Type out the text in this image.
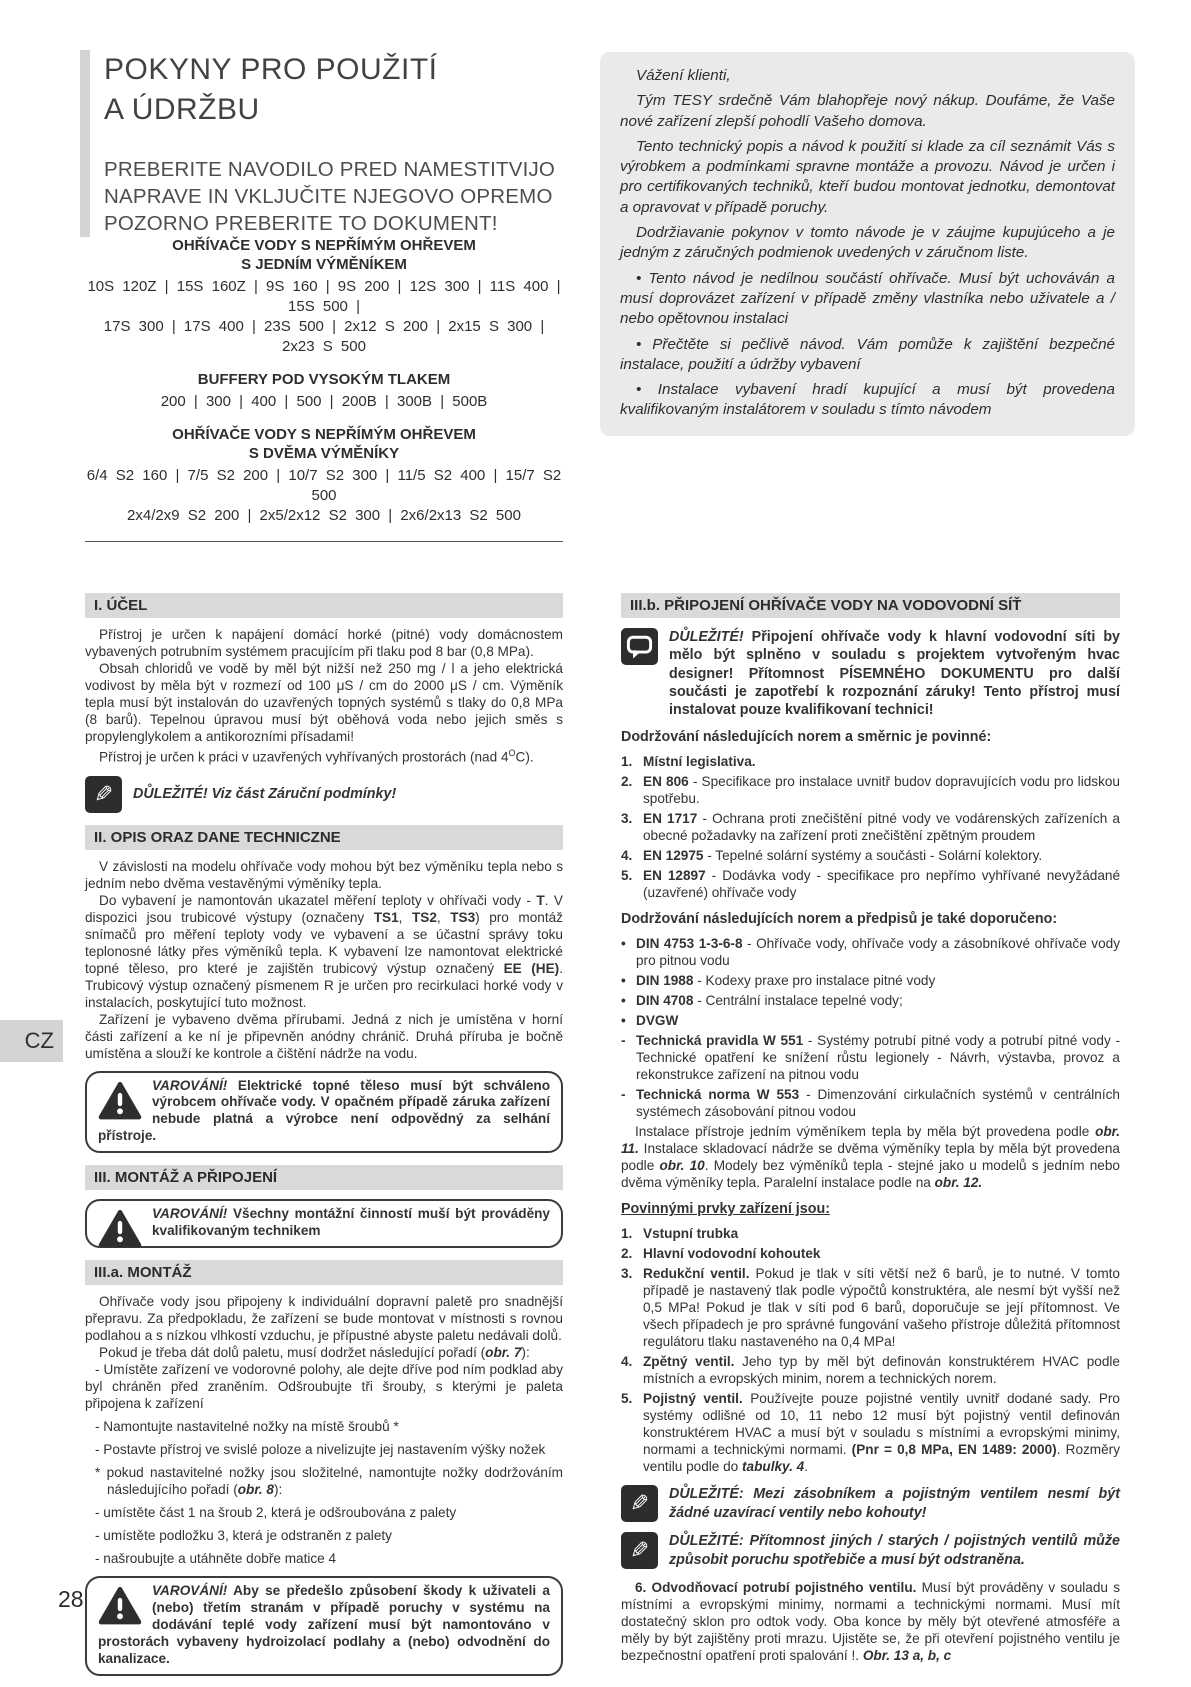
POKYNY PRO POUŽITÍ
A ÚDRŽBU
PREBERITE NAVODILO PRED NAMESTITVIJO
NAPRAVE IN VKLJUČITE NJEGOVO OPREMO
POZORNO PREBERITE TO DOKUMENT!
OHŘÍVAČE VODY S NEPŘÍMÝM OHŘEVEM
S JEDNÍM VÝMĚNÍKEM
10S 120Z | 15S 160Z | 9S 160 | 9S 200 | 12S 300 | 11S 400 | 15S 500 |
17S 300 | 17S 400 | 23S 500 | 2x12 S 200 | 2x15 S 300 | 2x23 S 500
BUFFERY POD VYSOKÝM TLAKEM
200 | 300 | 400 | 500 | 200B | 300B | 500B
OHŘÍVAČE VODY S NEPŘÍMÝM OHŘEVEM
S DVĚMA VÝMĚNÍKY
6/4 S2 160 | 7/5 S2 200 | 10/7 S2 300 | 11/5 S2 400 | 15/7 S2 500
2x4/2x9 S2 200 | 2x5/2x12 S2 300 | 2x6/2x13 S2 500

Vážení klienti,

Tým TESY srdečně Vám blahopřeje nový nákup. Doufáme, že Vaše nové zařízení zlepší pohodlí Vašeho domova.

Tento technický popis a návod k použití si klade za cíl seznámit Vás s výrobkem a podmínkami spravne montáže a provozu. Návod je určen i pro certifikovaných techniků, kteří budou montovat jednotku, demontovat a opravovat v případě poruchy.

Dodržiavanie pokynov v tomto návode je v záujme kupujúceho a je jedným z záručných podmienok uvedených v záručnom liste.

• Tento návod je nedílnou součástí ohřívače. Musí být uchováván a musí doprovázet zařízení v případě změny vlastníka nebo uživatele a / nebo opětovnou instalaci

• Přečtěte si pečlivě návod. Vám pomůže k zajištění bezpečné instalace, použití a údržby vybavení

• Instalace vybavení hradí kupující a musí být provedena kvalifikovaným instalátorem v souladu s tímto návodem

I. ÚČEL

Přístroj je určen k napájení domácí horké (pitné) vody domácnostem vybavených potrubním systémem pracujícím při tlaku pod 8 bar (0,8 MPa).

Obsah chloridů ve vodě by měl být nižší než 250 mg / l a jeho elektrická vodivost by měla být v rozmezí od 100 μS / cm do 2000 μS / cm. Výměník tepla musí být instalován do uzavřených topných systémů s tlaky do 0,8 MPa (8 barů). Tepelnou úpravou musí být oběhová voda nebo jejich směs s propylenglykolem a antikorozními přísadami!

Přístroj je určen k práci v uzavřených vyhřívaných prostorách (nad $4^OC$).

✎ DŮLEŽITÉ! Viz část Záruční podmínky!
II. OPIS ORAZ DANE TECHNICZNE

V závislosti na modelu ohřívače vody mohou být bez výměníku tepla nebo s jedním nebo dvěma vestavěnými výměníky tepla.

Do vybavení je namontován ukazatel měření teploty v ohřívači vody - T. V dispozici jsou trubicové výstupy (označeny TS1, TS2, TS3) pro montáž snímačů pro měření teploty vody ve vybavení a se účastní správy toku teplonosné látky přes výměníků tepla. K vybavení lze namontovat elektrické topné těleso, pro které je zajištěn trubicový výstup označený EE (HE). Trubicový výstup označený písmenem R je určen pro recirkulaci horké vody v instalacích, poskytující tuto možnost.

Zařízení je vybaveno dvěma přírubami. Jedná z nich je umístěna v horní části zařízení a ke ní je připevněn anódny chránič. Druhá příruba je bočně umístěna a slouží ke kontrole a čištění nádrže na vodu.

VAROVÁNÍ! Elektrické topné těleso musí být schváleno výrobcem ohřívače vody. V opačném případě záruka zařízení nebude platná a výrobce není odpovědný za selhání přístroje.
III. MONTÁŽ A PŘIPOJENÍ
VAROVÁNÍ! Všechny montážní činností muší být prováděny kvalifikovaným technikem
III.a. MONTÁŽ

Ohřívače vody jsou připojeny k individuální dopravní paletě pro snadnější přepravu. Za předpokladu, že zařízení se bude montovat v místnosti s rovnou podlahou a s nízkou vlhkostí vzduchu, je přípustné abyste paletu nedávali dolů.

Pokud je třeba dát dolů paletu, musí dodržet následující pořadí (obr. 7):

- Umístěte zařízení ve vodorovné polohy, ale dejte dříve pod ním podklad aby byl chráněn před zraněním. Odšroubujte tři šrouby, s kterými je paleta připojena k zařízení

- Namontujte nastavitelné nožky na místě šroubů *

- Postavte přístroj ve svislé poloze a nivelizujte jej nastavením výšky nožek

* pokud nastavitelné nožky jsou složitelné, namontujte nožky dodržováním následujícího pořadí (obr. 8):

- umístěte část 1 na šroub 2, která je odšroubována z palety

- umístěte podložku 3, která je odstraněn z palety

- našroubujte a utáhněte dobře matice 4

VAROVÁNÍ! Aby se předešlo způsobení škody k uživateli a (nebo) třetím stranám v případě poruchy v systému na dodávání teplé vody zařízení musí být namontováno v prostorách vybaveny hydroizolací podlahy a (nebo) odvodnění do kanalizace.
III.b. PŘIPOJENÍ OHŘÍVAČE VODY NA VODOVODNÍ SÍŤ
DŮLEŽITÉ! Připojení ohřívače vody k hlavní vodovodní síti by mělo být splněno v souladu s projektem vytvořeným hvac designer! Přítomnost PÍSEMNÉHO DOKUMENTU pro další součásti je zapotřebí k rozpoznání záruky! Tento přístroj musí instalovat pouze kvalifikovaní technici!
Dodržování následujících norem a směrnic je povinné:
1. Místní legislativa.
2. EN 806 - Specifikace pro instalace uvnitř budov dopravujících vodu pro lidskou spotřebu.
3. EN 1717 - Ochrana proti znečištění pitné vody ve vodárenských zařízeních a obecné požadavky na zařízení proti znečištění zpětným proudem
4. EN 12975 - Tepelné solární systémy a součásti - Solární kolektory.
5. EN 12897 - Dodávka vody - specifikace pro nepřímo vyhřívané nevyžádané (uzavřené) ohřívače vody
Dodržování následujících norem a předpisů je také doporučeno:
• DIN 4753 1-3-6-8 - Ohřívače vody, ohřívače vody a zásobníkové ohřívače vody pro pitnou vodu
• DIN 1988 - Kodexy praxe pro instalace pitné vody
• DIN 4708 - Centrální instalace tepelné vody;
• DVGW
- Technická pravidla W 551 - Systémy potrubí pitné vody a potrubí pitné vody - Technické opatření ke snížení růstu legionely - Návrh, výstavba, provoz a rekonstrukce zařízení na pitnou vodu
- Technická norma W 553 - Dimenzování cirkulačních systémů v centrálních systémech zásobování pitnou vodou

Instalace přístroje jedním výměníkem tepla by měla být provedena podle obr. 11. Instalace skladovací nádrže se dvěma výměníky tepla by měla být provedena podle obr. 10. Modely bez výměníků tepla - stejné jako u modelů s jedním nebo dvěma výměníky tepla. Paralelní instalace podle na obr. 12.

Povinnými prvky zařízení jsou:
1. Vstupní trubka
2. Hlavní vodovodní kohoutek
3. Redukční ventil. Pokud je tlak v síti větší než 6 barů, je to nutné. V tomto případě je nastavený tlak podle výpočtů konstruktéra, ale nesmí být vyšší než 0,5 MPa! Pokud je tlak v síti pod 6 barů, doporučuje se její přítomnost. Ve všech případech je pro správné fungování vašeho přístroje důležitá přítomnost regulátoru tlaku nastaveného na 0,4 MPa!
4. Zpětný ventil. Jeho typ by měl být definován konstruktérem HVAC podle místních a evropských minim, norem a technických norem.
5. Pojistný ventil. Používejte pouze pojistné ventily uvnitř dodané sady. Pro systémy odlišné od 10, 11 nebo 12 musí být pojistný ventil definován konstruktérem HVAC a musí být v souladu s místními a evropskými minimy, normami a technickými normami. (Pnr = 0,8 MPa, EN 1489: 2000). Rozměry ventilu podle do tabulky. 4.
✎ DŮLEŽITÉ: Mezi zásobníkem a pojistným ventilem nesmí být žádné uzavírací ventily nebo kohouty!
✎ DŮLEŽITÉ: Přítomnost jiných / starých / pojistných ventilů může způsobit poruchu spotřebiče a musí být odstraněna.

6. Odvodňovací potrubí pojistného ventilu. Musí být prováděny v souladu s místními a evropskými minimy, normami a technickými normami. Musí mít dostatečný sklon pro odtok vody. Oba konce by měly být otevřené atmosféře a měly by být zajištěny proti mrazu. Ujistěte se, že při otevření pojistného ventilu je bezpečnostní opatření proti spalování !. Obr. 13 a, b, c

CZ
28
